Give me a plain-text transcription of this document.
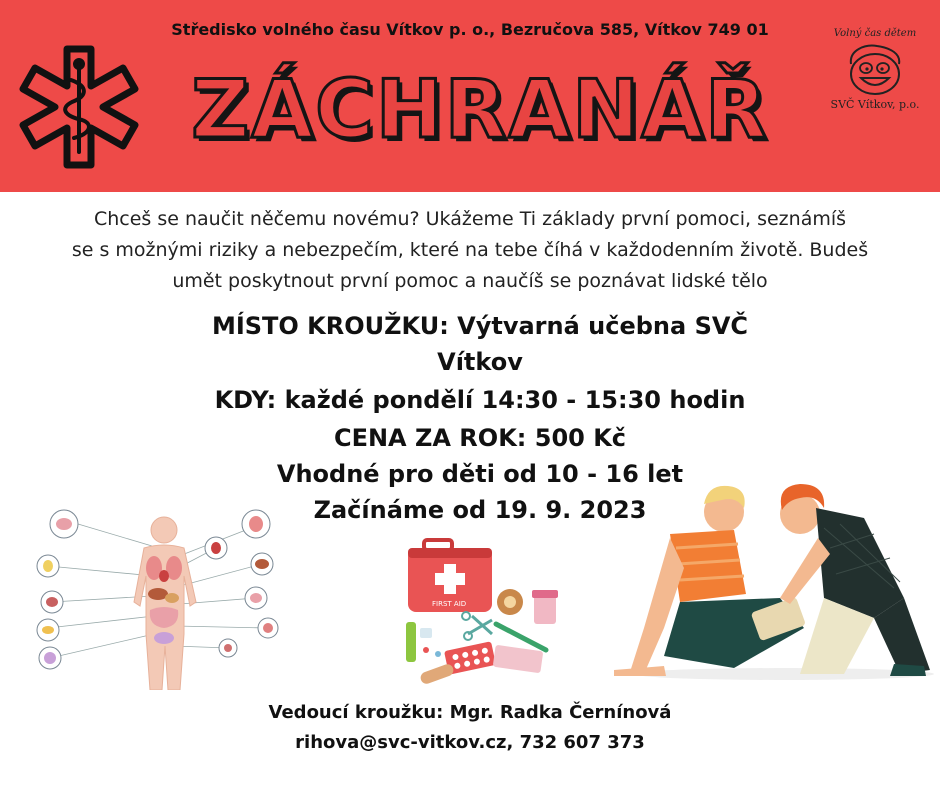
Středisko volného času Vítkov p. o., Bezručova 585, Vítkov 749 01
ZÁCHRANÁŘ
Volný čas dětem
SVČ Vítkov, p.o.
Chceš se naučit něčemu novému? Ukážeme Ti základy první pomoci, seznámíš
se s možnými riziky a nebezpečím, které na tebe číhá v každodenním životě. Budeš
umět poskytnout první pomoc a naučíš se poznávat lidské tělo
MÍSTO KROUŽKU: Výtvarná učebna SVČ
Vítkov
KDY: každé pondělí 14:30 - 15:30 hodin
CENA ZA ROK: 500 Kč
Vhodné pro děti od 10 - 16 let
Začínáme od 19. 9. 2023
FIRST AID
Vedoucí kroužku: Mgr. Radka Černínová
rihova@svc-vitkov.cz, 732 607 373
